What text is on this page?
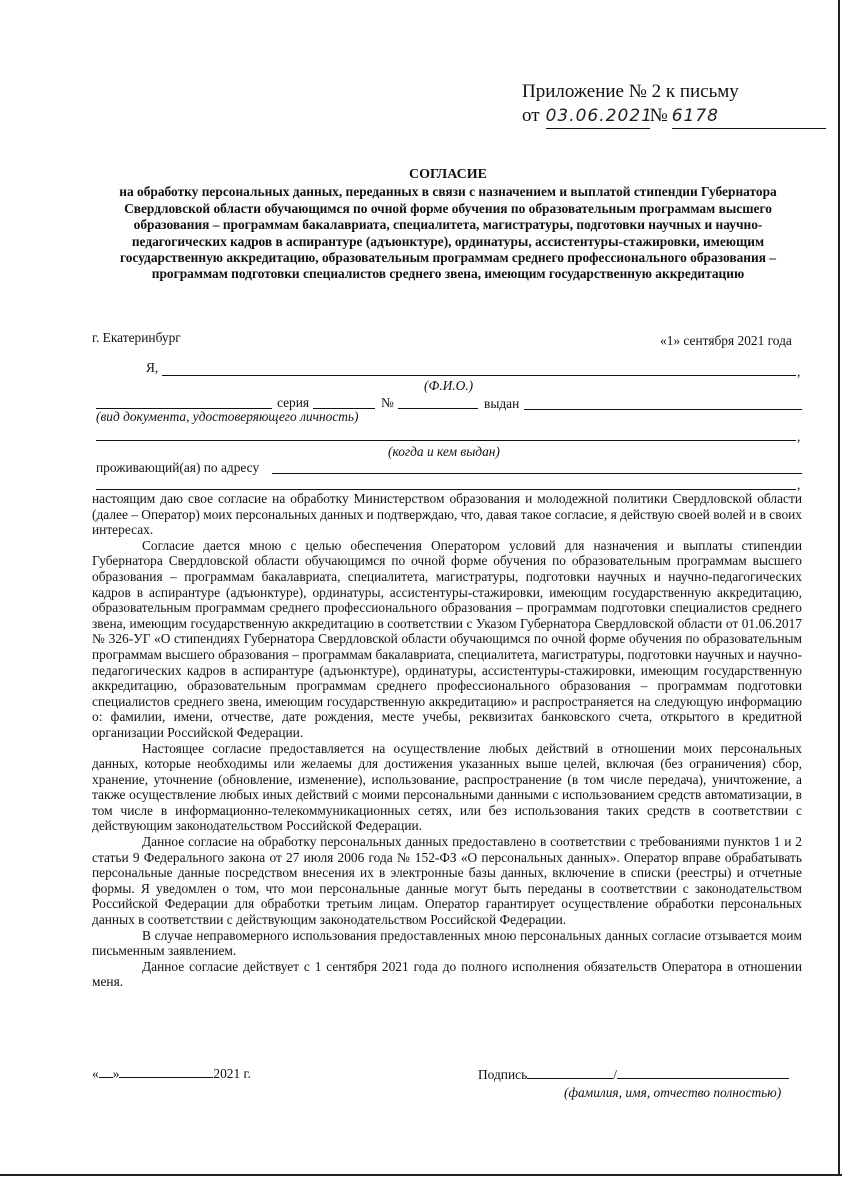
Приложение № 2 к письму
от 03.06.2021
№ 6178
СОГЛАСИЕ
на обработку персональных данных, переданных в связи с назначением и выплатой стипендии Губернатора Свердловской области обучающимся по очной форме обучения по образовательным программам высшего образования – программам бакалавриата, специалитета, магистратуры, подготовки научных и научно-педагогических кадров в аспирантуре (адъюнктуре), ординатуры, ассистентуры-стажировки, имеющим государственную аккредитацию, образовательным программам среднего профессионального образования – программам подготовки специалистов среднего звена, имеющим государственную аккредитацию
г. Екатеринбург	«1» сентября 2021 года
Я,	,
(Ф.И.О.)
серия	№	выдан
(вид документа, удостоверяющего личность)
,
(когда и кем выдан)
проживающий(ая) по адресу
,

настоящим даю свое согласие на обработку Министерством образования и молодежной политики Свердловской области (далее – Оператор) моих персональных данных и подтверждаю, что, давая такое согласие, я действую своей волей и в своих интересах.

Согласие дается мною с целью обеспечения Оператором условий для назначения и выплаты стипендии Губернатора Свердловской области обучающимся по очной форме обучения по образовательным программам высшего образования – программам бакалавриата, специалитета, магистратуры, подготовки научных и научно-педагогических кадров в аспирантуре (адъюнктуре), ординатуры, ассистентуры-стажировки, имеющим государственную аккредитацию, образовательным программам среднего профессионального образования – программам подготовки специалистов среднего звена, имеющим государственную аккредитацию в соответствии с Указом Губернатора Свердловской области от 01.06.2017 № 326-УГ «О стипендиях Губернатора Свердловской области обучающимся по очной форме обучения по образовательным программам высшего образования – программам бакалавриата, специалитета, магистратуры, подготовки научных и научно-педагогических кадров в аспирантуре (адъюнктуре), ординатуры, ассистентуры-стажировки, имеющим государственную аккредитацию, образовательным программам среднего профессионального образования – программам подготовки специалистов среднего звена, имеющим государственную аккредитацию» и распространяется на следующую информацию о: фамилии, имени, отчестве, дате рождения, месте учебы, реквизитах банковского счета, открытого в кредитной организации Российской Федерации.

Настоящее согласие предоставляется на осуществление любых действий в отношении моих персональных данных, которые необходимы или желаемы для достижения указанных выше целей, включая (без ограничения) сбор, хранение, уточнение (обновление, изменение), использование, распространение (в том числе передача), уничтожение, а также осуществление любых иных действий с моими персональными данными с использованием средств автоматизации, в том числе в информационно-телекоммуникационных сетях, или без использования таких средств в соответствии с действующим законодательством Российской Федерации.

Данное согласие на обработку персональных данных предоставлено в соответствии с требованиями пунктов 1 и 2 статьи 9 Федерального закона от 27 июля 2006 года № 152-ФЗ «О персональных данных». Оператор вправе обрабатывать персональные данные посредством внесения их в электронные базы данных, включение в списки (реестры) и отчетные формы. Я уведомлен о том, что мои персональные данные могут быть переданы в соответствии с законодательством Российской Федерации для обработки третьим лицам. Оператор гарантирует осуществление обработки персональных данных в соответствии с действующим законодательством Российской Федерации.

В случае неправомерного использования предоставленных мною персональных данных согласие отзывается моим письменным заявлением.

Данное согласие действует с 1 сентября 2021 года до полного исполнения обязательств Оператора в отношении меня.

« »	2021 г.	Подпись	/
(фамилия, имя, отчество полностью)
